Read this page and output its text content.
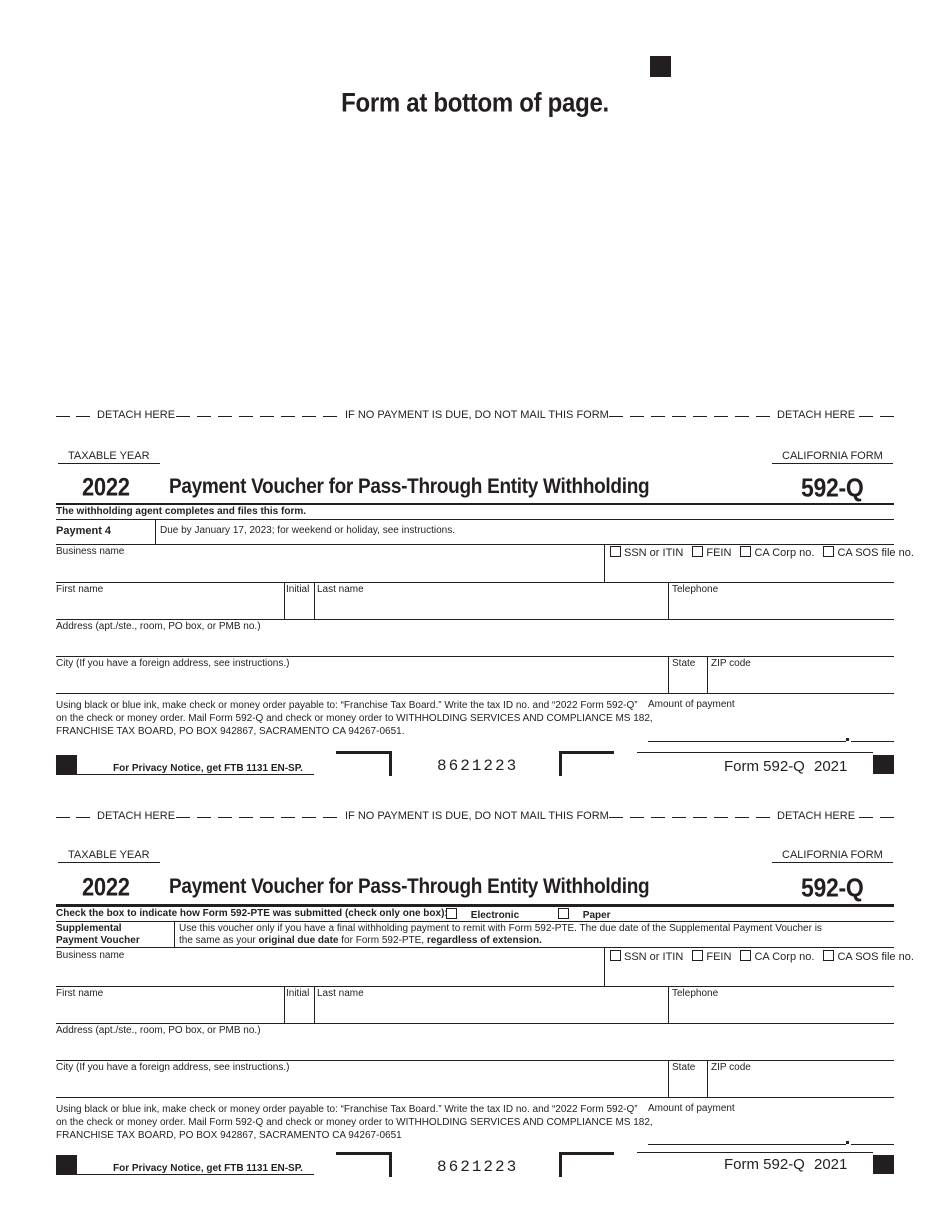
Form at bottom of page.
DETACH HERE	IF NO PAYMENT IS DUE, DO NOT MAIL THIS FORM	DETACH HERE
TAXABLE YEAR	CALIFORNIA FORM
2022 Payment Voucher for Pass-Through Entity Withholding	592-Q
The withholding agent completes and files this form.
Payment 4	Due by January 17, 2023; for weekend or holiday, see instructions.
Business name	SSN or ITIN FEIN CA Corp no. CA SOS file no.
First name	Initial Last name	Telephone
Address (apt./ste., room, PO box, or PMB no.)
City (If you have a foreign address, see instructions.)	State ZIP code
Using black or blue ink, make check or money order payable to: “Franchise Tax Board.” Write the tax ID no. and “2022 Form 592-Q”
on the check or money order. Mail Form 592-Q and check or money order to WITHHOLDING SERVICES AND COMPLIANCE MS 182,
FRANCHISE TAX BOARD, PO BOX 942867, SACRAMENTO CA 94267-0651.
Amount of payment
For Privacy Notice, get FTB 1131 EN-SP.	8621223	Form 592-Q 2021
DETACH HERE	IF NO PAYMENT IS DUE, DO NOT MAIL THIS FORM	DETACH HERE
TAXABLE YEAR	CALIFORNIA FORM
2022 Payment Voucher for Pass-Through Entity Withholding	592-Q
Check the box to indicate how Form 592-PTE was submitted (check only one box):	Electronic	Paper
Supplemental
Payment Voucher
Use this voucher only if you have a final withholding payment to remit with Form 592-PTE. The due date of the Supplemental Payment Voucher is
the same as your original due date for Form 592-PTE, regardless of extension.
Business name	SSN or ITIN FEIN CA Corp no. CA SOS file no.
First name	Initial Last name	Telephone
Address (apt./ste., room, PO box, or PMB no.)
City (If you have a foreign address, see instructions.)	State ZIP code
Using black or blue ink, make check or money order payable to: “Franchise Tax Board.” Write the tax ID no. and “2022 Form 592-Q”
on the check or money order. Mail Form 592-Q and check or money order to WITHHOLDING SERVICES AND COMPLIANCE MS 182,
FRANCHISE TAX BOARD, PO BOX 942867, SACRAMENTO CA 94267-0651
Amount of payment
For Privacy Notice, get FTB 1131 EN-SP.	8621223	Form 592-Q 2021
